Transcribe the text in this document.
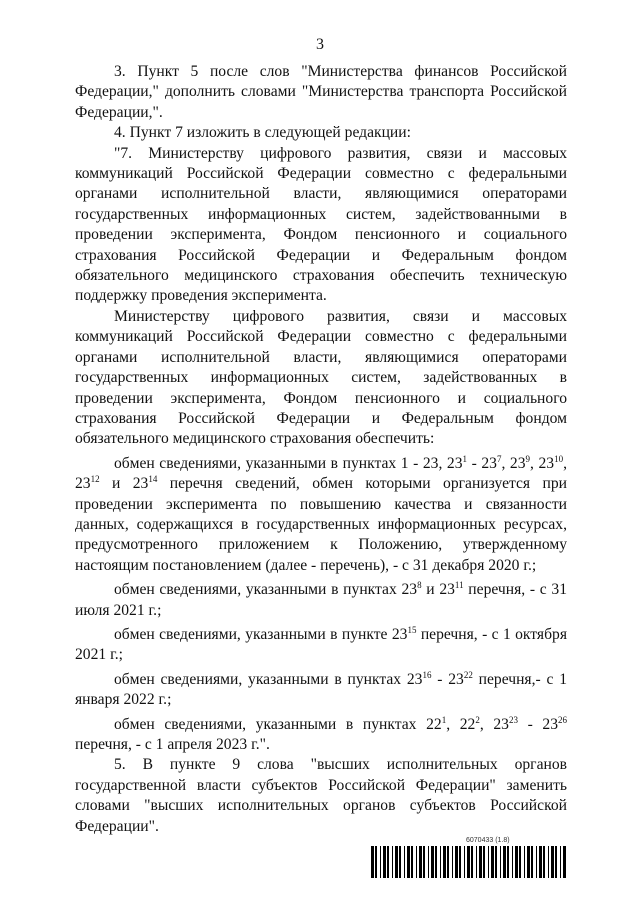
3

3. Пункт 5 после слов "Министерства финансов Российской Федерации," дополнить словами "Министерства транспорта Российской Федерации,".

4. Пункт 7 изложить в следующей редакции:

"7. Министерству цифрового развития, связи и массовых коммуникаций Российской Федерации совместно с федеральными органами исполнительной власти, являющимися операторами государственных информационных систем, задействованными в проведении эксперимента, Фондом пенсионного и социального страхования Российской Федерации и Федеральным фондом обязательного медицинского страхования обеспечить техническую поддержку проведения эксперимента.

Министерству цифрового развития, связи и массовых коммуникаций Российской Федерации совместно с федеральными органами исполнительной власти, являющимися операторами государственных информационных систем, задействованных в проведении эксперимента, Фондом пенсионного и социального страхования Российской Федерации и Федеральным фондом обязательного медицинского страхования обеспечить:

обмен сведениями, указанными в пунктах 1 - 23, $23^1 - 23^7$, $23^9$, $23^{10}$, $23^{12}$ и $23^{14}$ перечня сведений, обмен которыми организуется при проведении эксперимента по повышению качества и связанности данных, содержащихся в государственных информационных ресурсах, предусмотренного приложением к Положению, утвержденному настоящим постановлением (далее - перечень), - с 31 декабря 2020 г.;

обмен сведениями, указанными в пунктах $23^8$ и $23^{11}$ перечня, - с 31 июля 2021 г.;

обмен сведениями, указанными в пункте $23^{15}$ перечня, - с 1 октября 2021 г.;

обмен сведениями, указанными в пунктах $23^{16} - 23^{22}$ перечня,- с 1 января 2022 г.;

обмен сведениями, указанными в пунктах $22^1$, $22^2$, $23^{23} - 23^{26}$ перечня, - с 1 апреля 2023 г.".

5. В пункте 9 слова "высших исполнительных органов государственной власти субъектов Российской Федерации" заменить словами "высших исполнительных органов субъектов Российской Федерации".

6070433 (1.8)
